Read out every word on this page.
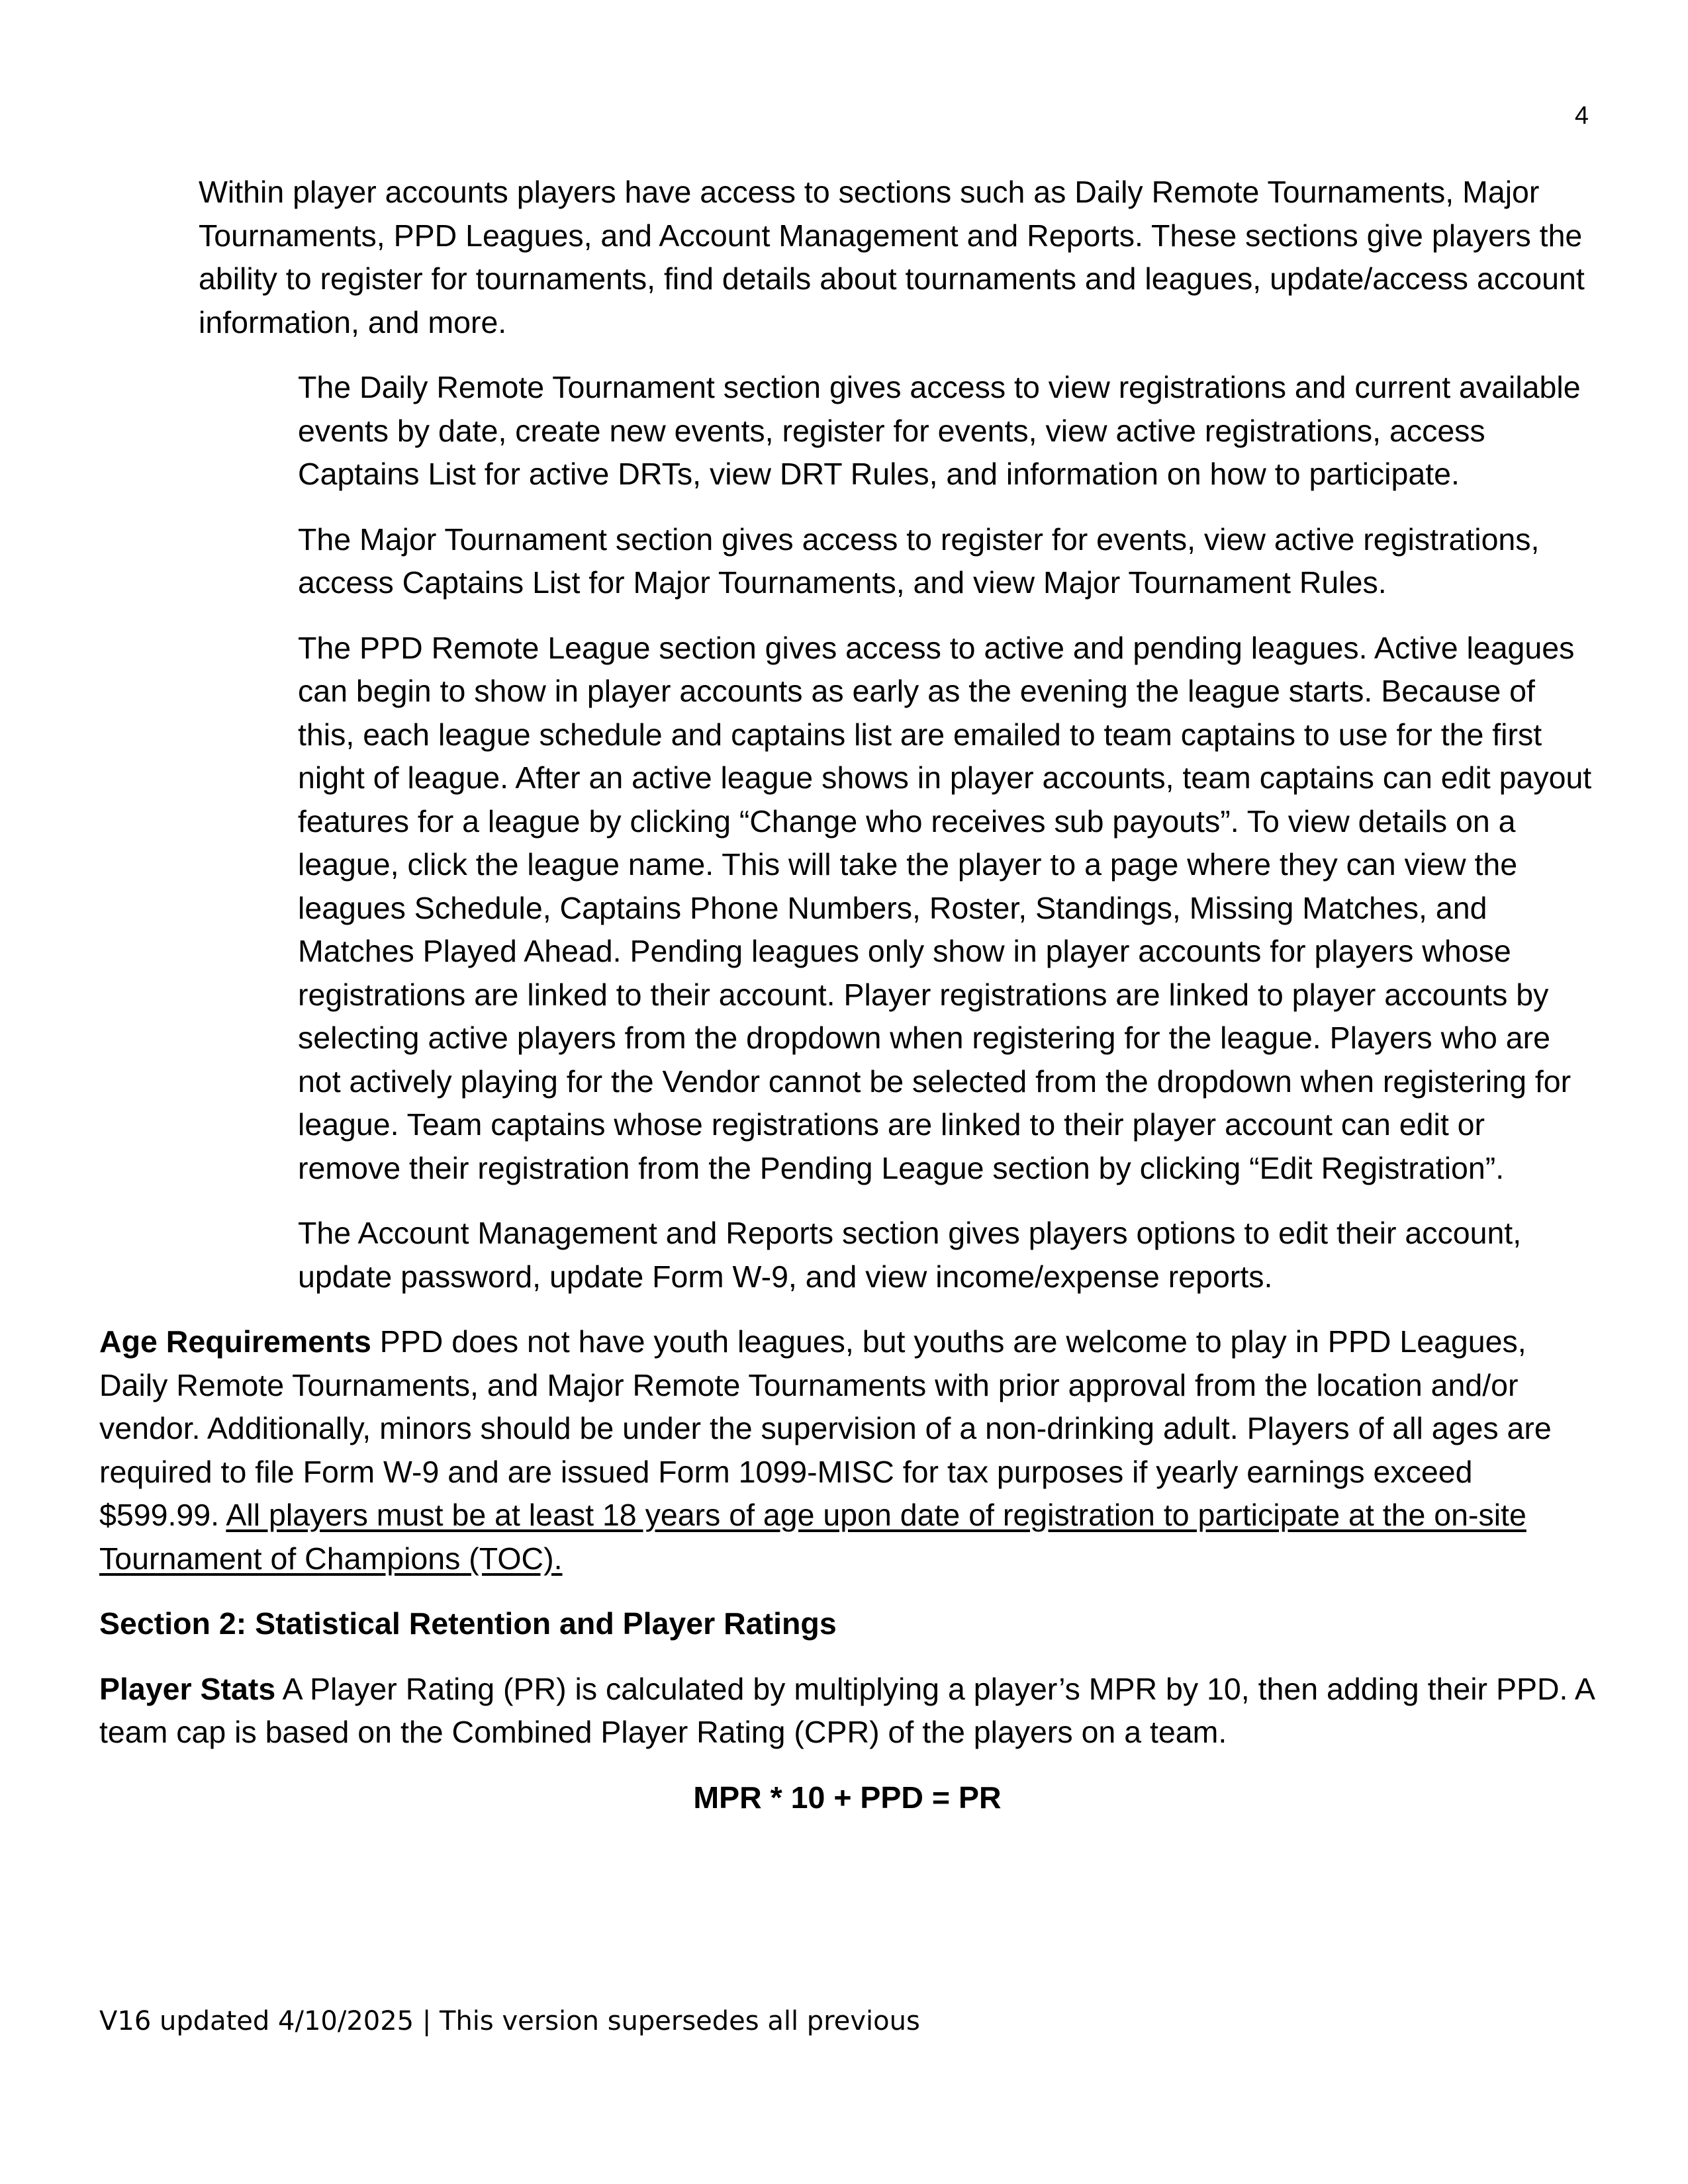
4

Within player accounts players have access to sections such as Daily Remote Tournaments, Major Tournaments, PPD Leagues, and Account Management and Reports. These sections give players the ability to register for tournaments, find details about tournaments and leagues, update/access account information, and more.

The Daily Remote Tournament section gives access to view registrations and current available events by date, create new events, register for events, view active registrations, access Captains List for active DRTs, view DRT Rules, and information on how to participate.

The Major Tournament section gives access to register for events, view active registrations, access Captains List for Major Tournaments, and view Major Tournament Rules.

The PPD Remote League section gives access to active and pending leagues. Active leagues can begin to show in player accounts as early as the evening the league starts. Because of this, each league schedule and captains list are emailed to team captains to use for the first night of league. After an active league shows in player accounts, team captains can edit payout features for a league by clicking “Change who receives sub payouts”. To view details on a league, click the league name. This will take the player to a page where they can view the leagues Schedule, Captains Phone Numbers, Roster, Standings, Missing Matches, and Matches Played Ahead. Pending leagues only show in player accounts for players whose registrations are linked to their account. Player registrations are linked to player accounts by selecting active players from the dropdown when registering for the league. Players who are not actively playing for the Vendor cannot be selected from the dropdown when registering for league. Team captains whose registrations are linked to their player account can edit or remove their registration from the Pending League section by clicking “Edit Registration”.

The Account Management and Reports section gives players options to edit their account, update password, update Form W-9, and view income/expense reports.

Age Requirements PPD does not have youth leagues, but youths are welcome to play in PPD Leagues, Daily Remote Tournaments, and Major Remote Tournaments with prior approval from the location and/or vendor. Additionally, minors should be under the supervision of a non-drinking adult. Players of all ages are required to file Form W-9 and are issued Form 1099-MISC for tax purposes if yearly earnings exceed $599.99. All players must be at least 18 years of age upon date of registration to participate at the on-site Tournament of Champions (TOC).

Section 2: Statistical Retention and Player Ratings

Player Stats A Player Rating (PR) is calculated by multiplying a player’s MPR by 10, then adding their PPD. A team cap is based on the Combined Player Rating (CPR) of the players on a team.

MPR * 10 + PPD = PR

V16 updated 4/10/2025 | This version supersedes all previous
